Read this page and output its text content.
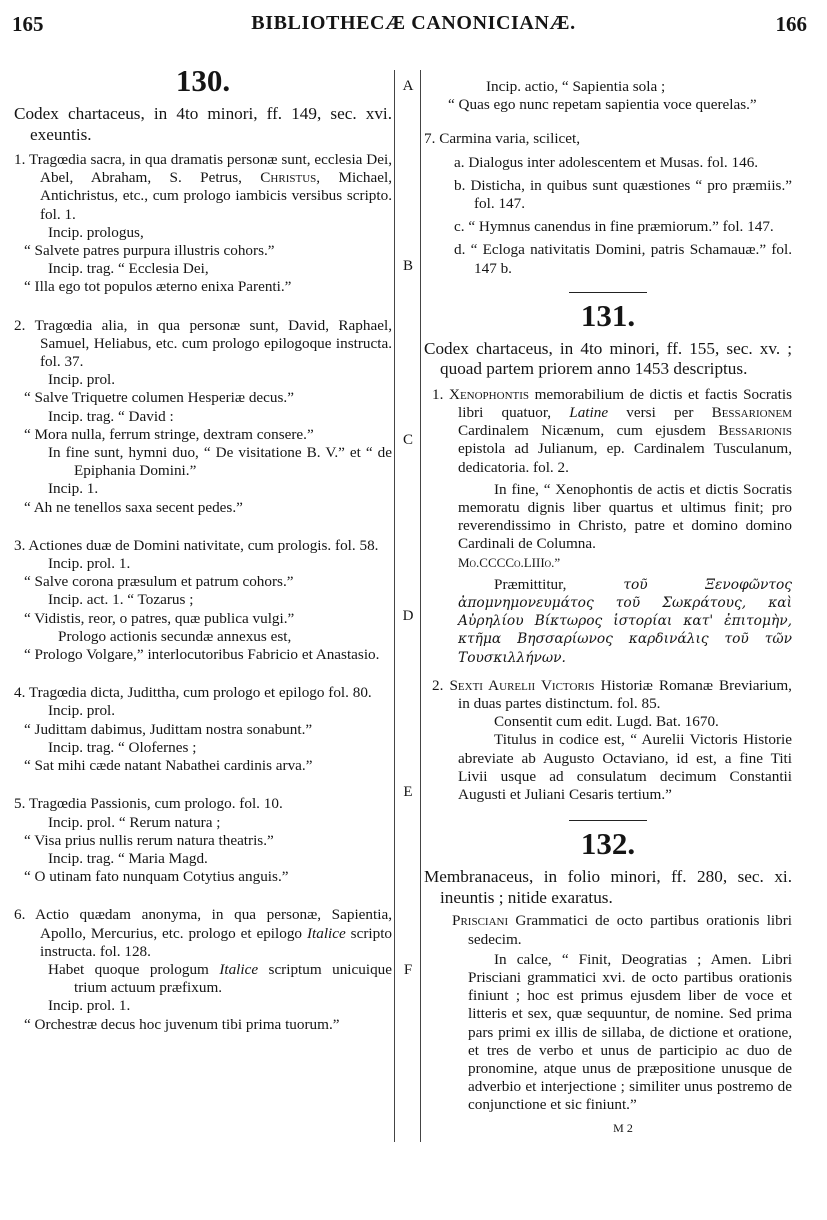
165	BIBLIOTHECÆ CANONICIANÆ.	166
A
B
C
D
E
F

130.

Codex chartaceus, in 4to minori, ff. 149, sec. xvi. exeuntis.

1. Tragœdia sacra, in qua dramatis personæ sunt, ecclesia Dei, Abel, Abraham, S. Petrus, Christus, Michael, Antichristus, etc., cum prologo iambicis versibus scripto. fol. 1.

Incip. prologus,

“ Salvete patres purpura illustris cohors.”

Incip. trag. “ Ecclesia Dei,

“ Illa ego tot populos æterno enixa Parenti.”

2. Tragœdia alia, in qua personæ sunt, David, Raphael, Samuel, Heliabus, etc. cum prologo epilogoque instructa. fol. 37.

Incip. prol.

“ Salve Triquetre columen Hesperiæ decus.”

Incip. trag. “ David :

“ Mora nulla, ferrum stringe, dextram consere.”

In fine sunt, hymni duo, “ De visitatione B. V.” et “ de Epiphania Domini.”

Incip. 1.

“ Ah ne tenellos saxa secent pedes.”

3. Actiones duæ de Domini nativitate, cum prologis. fol. 58.

Incip. prol. 1.

“ Salve corona præsulum et patrum cohors.”

Incip. act. 1. “ Tozarus ;

“ Vidistis, reor, o patres, quæ publica vulgi.”

Prologo actionis secundæ annexus est,

“ Prologo Volgare,” interlocutoribus Fabricio et Anastasio.

4. Tragœdia dicta, Judittha, cum prologo et epilogo fol. 80.

Incip. prol.

“ Judittam dabimus, Judittam nostra sonabunt.”

Incip. trag. “ Olofernes ;

“ Sat mihi cæde natant Nabathei cardinis arva.”

5. Tragœdia Passionis, cum prologo. fol. 10.

Incip. prol. “ Rerum natura ;

“ Visa prius nullis rerum natura theatris.”

Incip. trag. “ Maria Magd.

“ O utinam fato nunquam Cotytius anguis.”

6. Actio quædam anonyma, in qua personæ, Sapientia, Apollo, Mercurius, etc. prologo et epilogo Italice scripto instructa. fol. 128.
Habet quoque prologum Italice scriptum unicuique trium actuum præfixum.

Incip. prol. 1.

“ Orchestræ decus hoc juvenum tibi prima tuorum.”

Incip. actio, “ Sapientia sola ;

“ Quas ego nunc repetam sapientia voce querelas.”

7. Carmina varia, scilicet,

a. Dialogus inter adolescentem et Musas. fol. 146.

b. Disticha, in quibus sunt quæstiones “ pro præmiis.” fol. 147.

c. “ Hymnus canendus in fine præmiorum.” fol. 147.

d. “ Ecloga nativitatis Domini, patris Schamauæ.” fol. 147 b.

131.

Codex chartaceus, in 4to minori, ff. 155, sec. xv. ; quoad partem priorem anno 1453 descriptus.

1. Xenophontis memorabilium de dictis et factis Socratis libri quatuor, Latine versi per Bessarionem Cardinalem Nicænum, cum ejusdem Bessarionis epistola ad Julianum, ep. Cardinalem Tusculanum, dedicatoria. fol. 2.

In fine, “ Xenophontis de actis et dictis Socratis memoratu dignis liber quartus et ultimus finit; pro reverendissimo in Christo, patre et domino domino Cardinali de Columna.

Mo.CCCCo.LIIIo.”

Præmittitur,	τοῦ Ξενοφῶντος ἀπομνημονευμάτος τοῦ Σωκράτους, καὶ Αὐρηλίου Βίκτωρος ἱστορίαι κατ' ἐπιτομὴν, κτῆμα Βησσαρίωνος καρδινάλις τοῦ τῶν Τουσκιλλήνων.
2. Sexti Aurelii Victoris Historiæ Romanæ Breviarium, in duas partes distinctum. fol. 85.

Consentit cum edit. Lugd. Bat. 1670.

Titulus in codice est, “ Aurelii Victoris Historie abreviate ab Augusto Octaviano, id est, a fine Titi Livii usque ad consulatum decimum Constantii Augusti et Juliani Cesaris tertium.”

132.

Membranaceus, in folio minori, ff. 280, sec. xi. ineuntis ; nitide exaratus.

Prisciani Grammatici de octo partibus orationis libri sedecim.

In calce, “ Finit, Deogratias ; Amen. Libri Prisciani grammatici xvi. de octo partibus orationis finiunt ; hoc est primus ejusdem liber de voce et litteris et sex, quæ sequuntur, de nomine. Sed prima pars primi ex illis de sillaba, de dictione et oratione, et tres de verbo et unus de participio ac duo de pronomine, atque unus de præpositione unusque de adverbio et interjectione ; similiter unus postremo de conjunctione et sic finiunt.”

M 2
